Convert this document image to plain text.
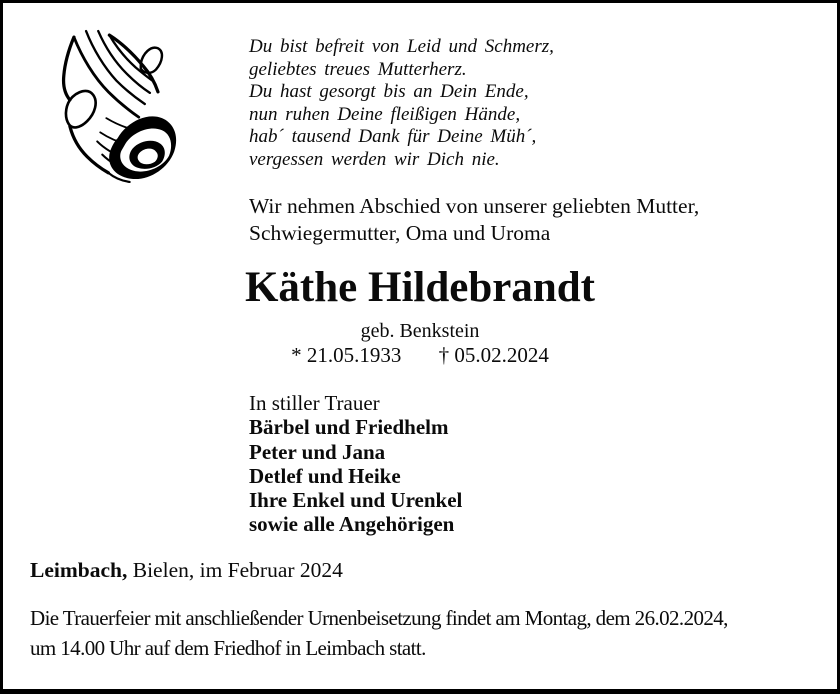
Du bist befreit von Leid und Schmerz,
geliebtes treues Mutterherz.
Du hast gesorgt bis an Dein Ende,
nun ruhen Deine fleißigen Hände,
hab´ tausend Dank für Deine Müh´,
vergessen werden wir Dich nie.
Wir nehmen Abschied von unserer geliebten Mutter,
Schwiegermutter, Oma und Uroma
Käthe Hildebrandt
geb. Benkstein
* 21.05.1933 † 05.02.2024
In stiller Trauer
Bärbel und Friedhelm
Peter und Jana
Detlef und Heike
Ihre Enkel und Urenkel
sowie alle Angehörigen
Leimbach, Bielen, im Februar 2024
Die Trauerfeier mit anschließender Urnenbeisetzung findet am Montag, dem 26.02.2024,
um 14.00 Uhr auf dem Friedhof in Leimbach statt.
